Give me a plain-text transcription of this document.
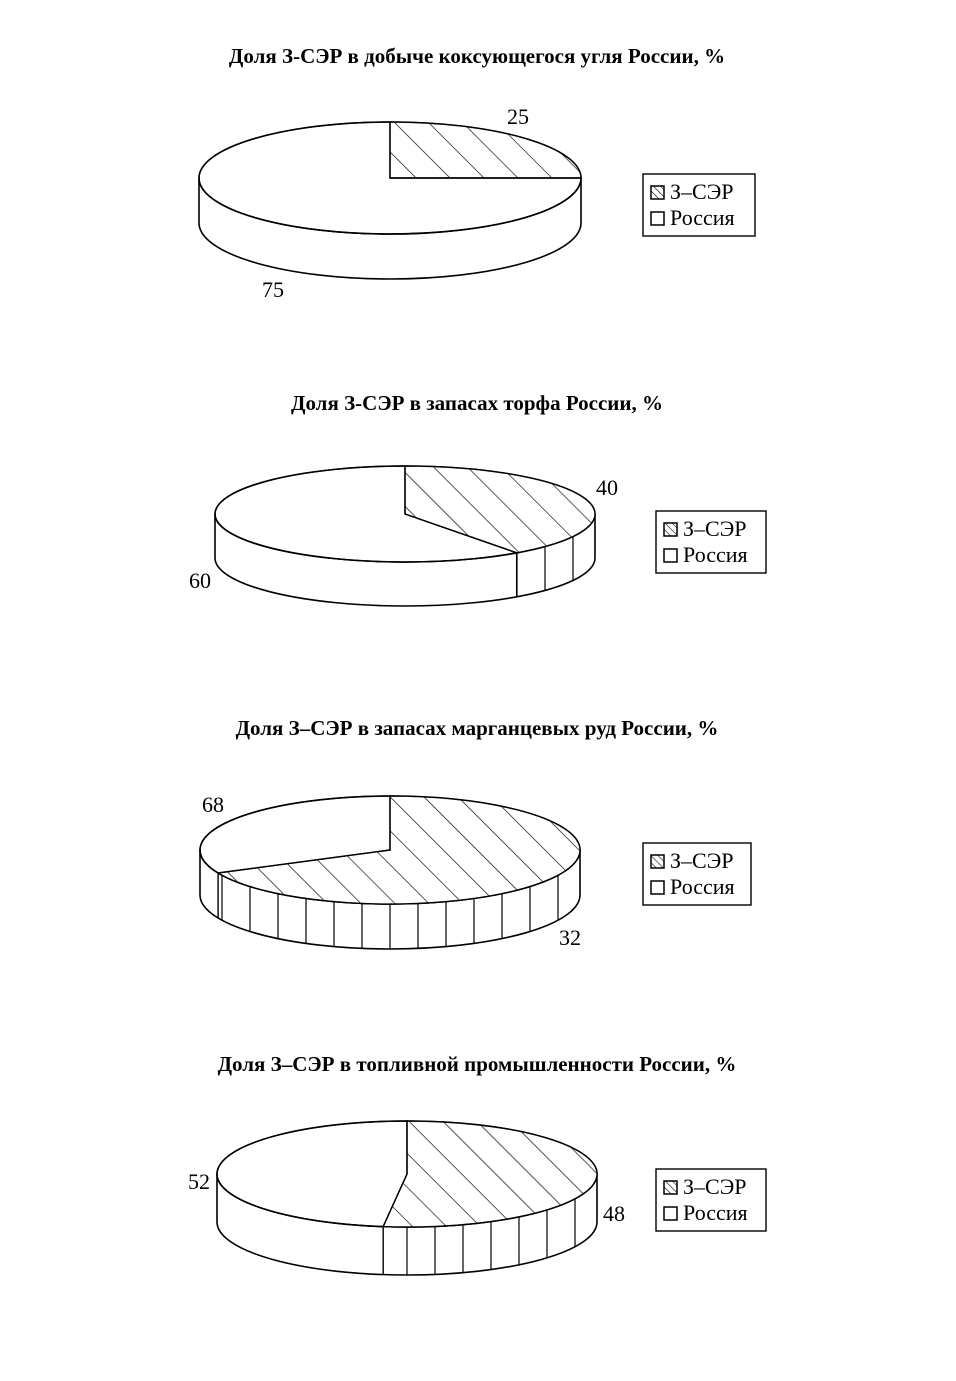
Доля З-СЭР в добыче коксующегося угля России, %
25
75
З–СЭР
Россия
Доля З-СЭР в запасах торфа России, %
40
60
З–СЭР
Россия
Доля З–СЭР в запасах марганцевых руд России, %
68
32
З–СЭР
Россия
Доля З–СЭР в топливной промышленности России, %
52
48
З–СЭР
Россия
